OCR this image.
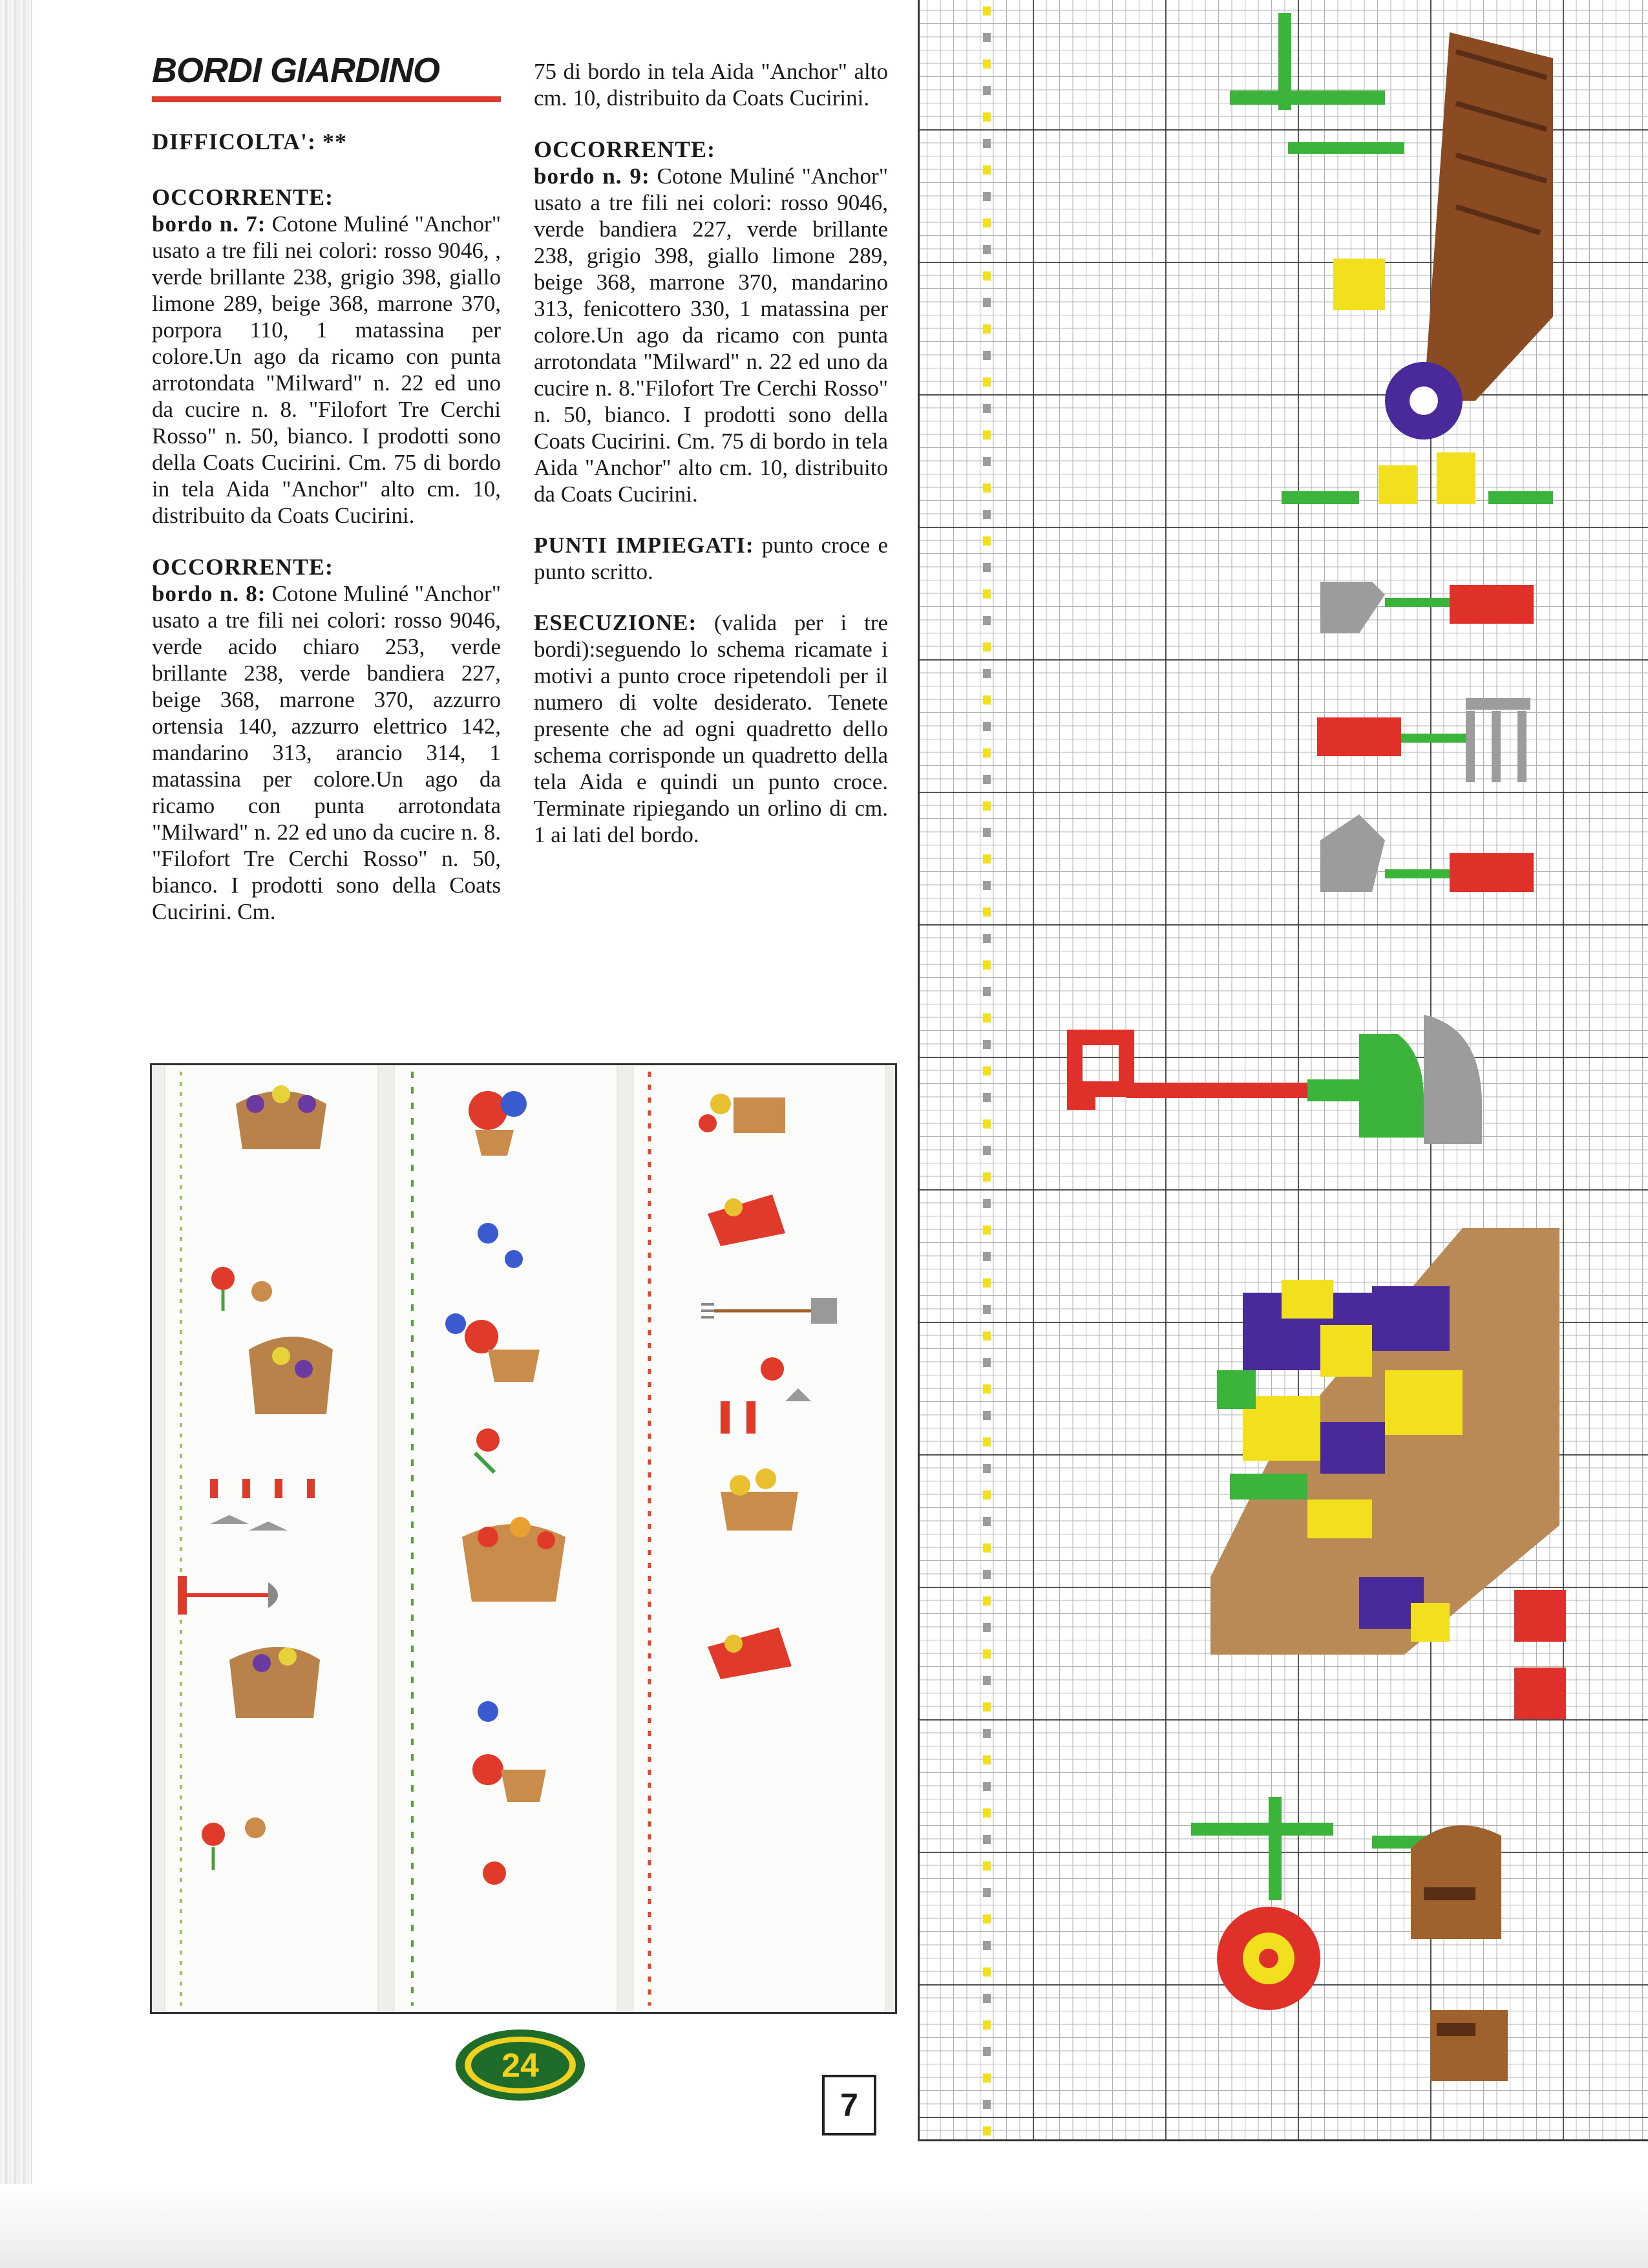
BORDI GIARDINO
DIFFICOLTA': **
OCCORRENTE:

bordo n. 7: Cotone Muliné "Anchor" usato a tre fili nei colori: rosso 9046, , verde brillante 238, grigio 398, giallo limone 289, beige 368, marrone 370, porpora 110, 1 matassina per colore.Un ago da ricamo con punta arrotondata "Milward" n. 22 ed uno da cucire n. 8. "Filofort Tre Cerchi Rosso" n. 50, bianco. I prodotti sono della Coats Cucirini. Cm. 75 di bordo in tela Aida "Anchor" alto cm. 10, distribuito da Coats Cucirini.

OCCORRENTE:

bordo n. 8: Cotone Muliné "Anchor" usato a tre fili nei colori: rosso 9046, verde acido chiaro 253, verde brillante 238, verde bandiera 227, beige 368, marrone 370, azzurro ortensia 140, azzurro elettrico 142, mandarino 313, arancio 314, 1 matassina per colore.Un ago da ricamo con punta arrotondata "Milward" n. 22 ed uno da cucire n. 8. "Filofort Tre Cerchi Rosso" n. 50, bianco. I prodotti sono della Coats Cucirini. Cm.

75 di bordo in tela Aida "Anchor" alto cm. 10, distribuito da Coats Cucirini.

OCCORRENTE:

bordo n. 9: Cotone Muliné "Anchor" usato a tre fili nei colori: rosso 9046, verde bandiera 227, verde brillante 238, grigio 398, giallo limone 289, beige 368, marrone 370, mandarino 313, fenicottero 330, 1 matassina per colore.Un ago da ricamo con punta arrotondata "Milward" n. 22 ed uno da cucire n. 8."Filofort Tre Cerchi Rosso" n. 50, bianco. I prodotti sono della Coats Cucirini. Cm. 75 di bordo in tela Aida "Anchor" alto cm. 10, distribuito da Coats Cucirini.

PUNTI IMPIEGATI: punto croce e punto scritto.

ESECUZIONE: (valida per i tre bordi):seguendo lo schema ricamate i motivi a punto croce ripetendoli per il numero di volte desiderato. Tenete presente che ad ogni quadretto dello schema corrisponde un quadretto della tela Aida e quindi un punto croce. Terminate ripiegando un orlino di cm. 1 ai lati del bordo.

24
7
